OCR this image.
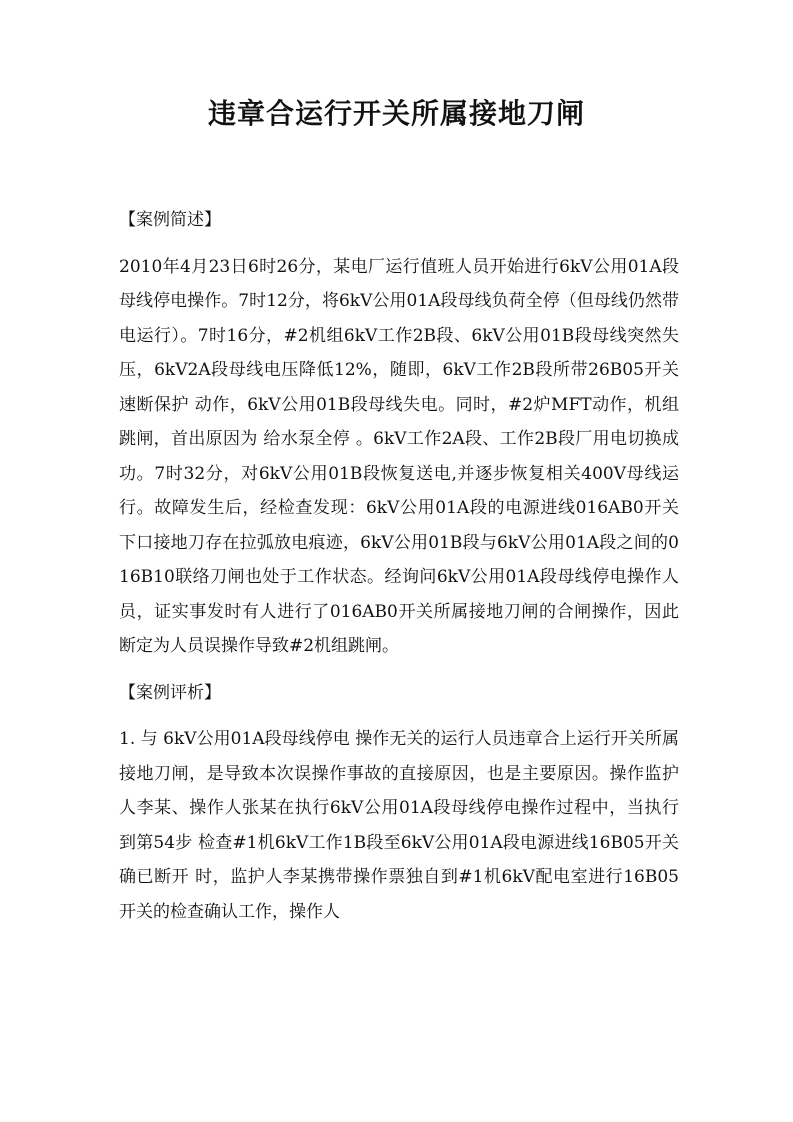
违章合运行开关所属接地刀闸
【案例简述】

2010年4月23日6时26分，某电厂运行值班人员开始进行6kV公用01A段母线停电操作。7时12分，将6kV公用01A段母线负荷全停（但母线仍然带电运行）。7时16分，#2机组6kV工作2B段、6kV公用01B段母线突然失压，6kV2A段母线电压降低12%，随即，6kV工作2B段所带26B05开关 速断保护 动作，6kV公用01B段母线失电。同时，#2炉MFT动作，机组跳闸，首出原因为 给水泵全停 。6kV工作2A段、工作2B段厂用电切换成功。7时32分，对6kV公用01B段恢复送电,并逐步恢复相关400V母线运行。故障发生后，经检查发现：6kV公用01A段的电源进线016AB0开关下口接地刀存在拉弧放电痕迹，6kV公用01B段与6kV公用01A段之间的016B10联络刀闸也处于工作状态。经询问6kV公用01A段母线停电操作人员，证实事发时有人进行了016AB0开关所属接地刀闸的合闸操作，因此断定为人员误操作导致#2机组跳闸。

【案例评析】

1. 与 6kV公用01A段母线停电 操作无关的运行人员违章合上运行开关所属接地刀闸，是导致本次误操作事故的直接原因，也是主要原因。操作监护人李某、操作人张某在执行6kV公用01A段母线停电操作过程中，当执行到第54步 检查#1机6kV工作1B段至6kV公用01A段电源进线16B05开关确已断开 时，监护人李某携带操作票独自到#1机6kV配电室进行16B05开关的检查确认工作，操作人
